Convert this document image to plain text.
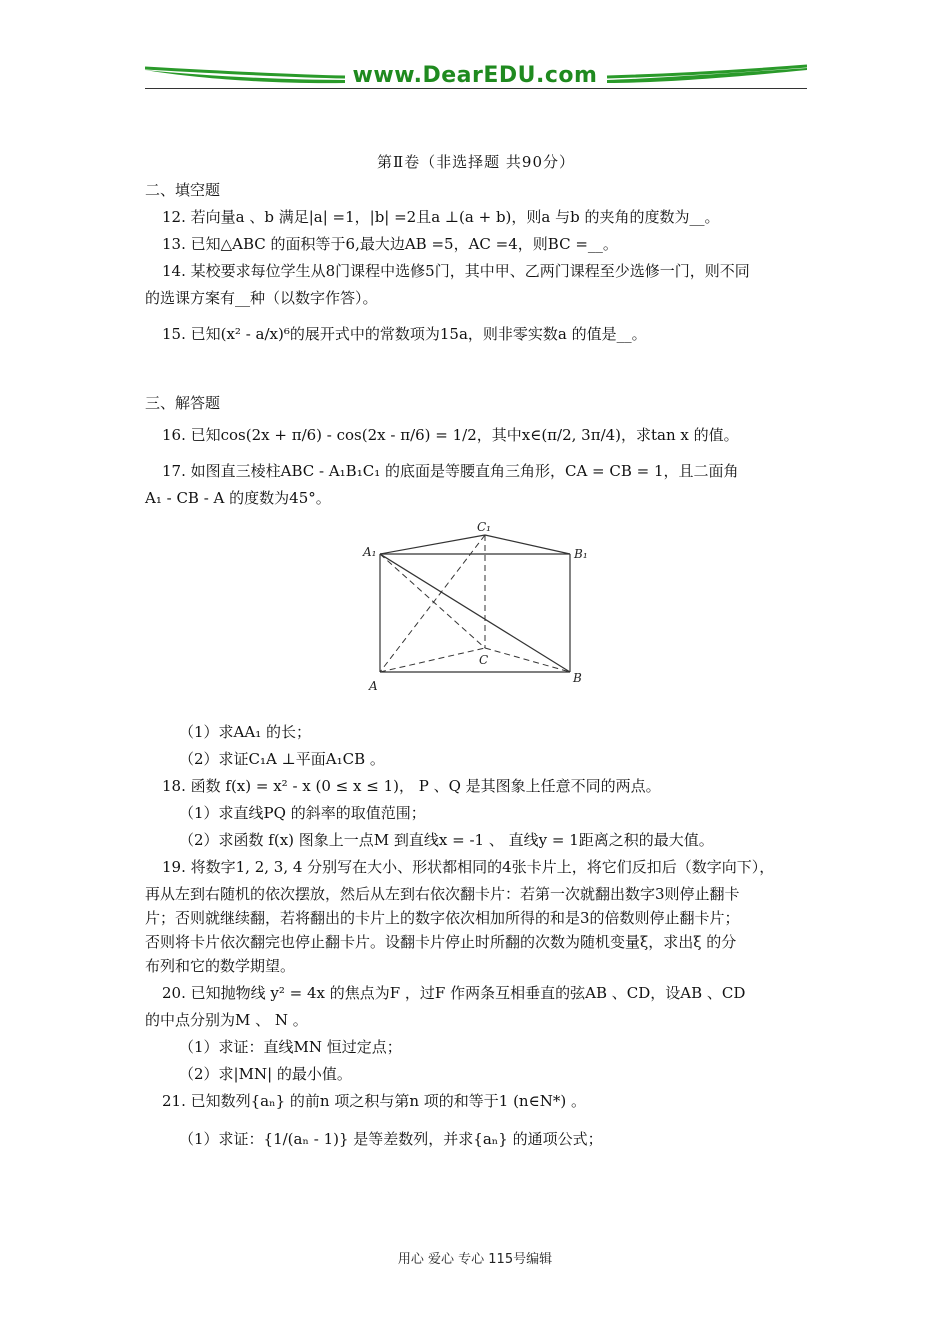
www.DearEDU.com
第Ⅱ卷（非选择题 共90分）
二、填空题
12. 若向量a 、b 满足|a| =1，|b| =2且a ⊥(a + b)，则a 与b 的夹角的度数为__。
13. 已知△ABC 的面积等于6,最大边AB =5，AC =4，则BC =__。
14. 某校要求每位学生从8门课程中选修5门，其中甲、乙两门课程至少选修一门，则不同
的选课方案有__种（以数字作答）。
15. 已知(x² - a/x)⁶的展开式中的常数项为15a，则非零实数a 的值是__。
三、解答题
16. 已知cos(2x + π/6) - cos(2x - π/6) = 1/2，其中x∈(π/2, 3π/4)，求tan x 的值。
17. 如图直三棱柱ABC - A₁B₁C₁ 的底面是等腰直角三角形，CA = CB = 1，且二面角
A₁ - CB - A 的度数为45°。
A₁
C₁
B₁
A
C
B
（1）求AA₁ 的长；
（2）求证C₁A ⊥平面A₁CB 。
18. 函数 f(x) = x² - x (0 ≤ x ≤ 1)， P 、Q 是其图象上任意不同的两点。
（1）求直线PQ 的斜率的取值范围；
（2）求函数 f(x) 图象上一点M 到直线x = -1 、 直线y = 1距离之积的最大值。
19. 将数字1, 2, 3, 4 分别写在大小、形状都相同的4张卡片上，将它们反扣后（数字向下），
再从左到右随机的依次摆放，然后从左到右依次翻卡片：若第一次就翻出数字3则停止翻卡
片；否则就继续翻，若将翻出的卡片上的数字依次相加所得的和是3的倍数则停止翻卡片；
否则将卡片依次翻完也停止翻卡片。设翻卡片停止时所翻的次数为随机变量ξ，求出ξ 的分
布列和它的数学期望。
20. 已知抛物线 y² = 4x 的焦点为F ，过F 作两条互相垂直的弦AB 、CD，设AB 、CD
的中点分别为M 、 N 。
（1）求证：直线MN 恒过定点；
（2）求|MN| 的最小值。
21. 已知数列{aₙ} 的前n 项之积与第n 项的和等于1 (n∈N*) 。
（1）求证：{1/(aₙ - 1)} 是等差数列，并求{aₙ} 的通项公式；
用心 爱心 专心 115号编辑
